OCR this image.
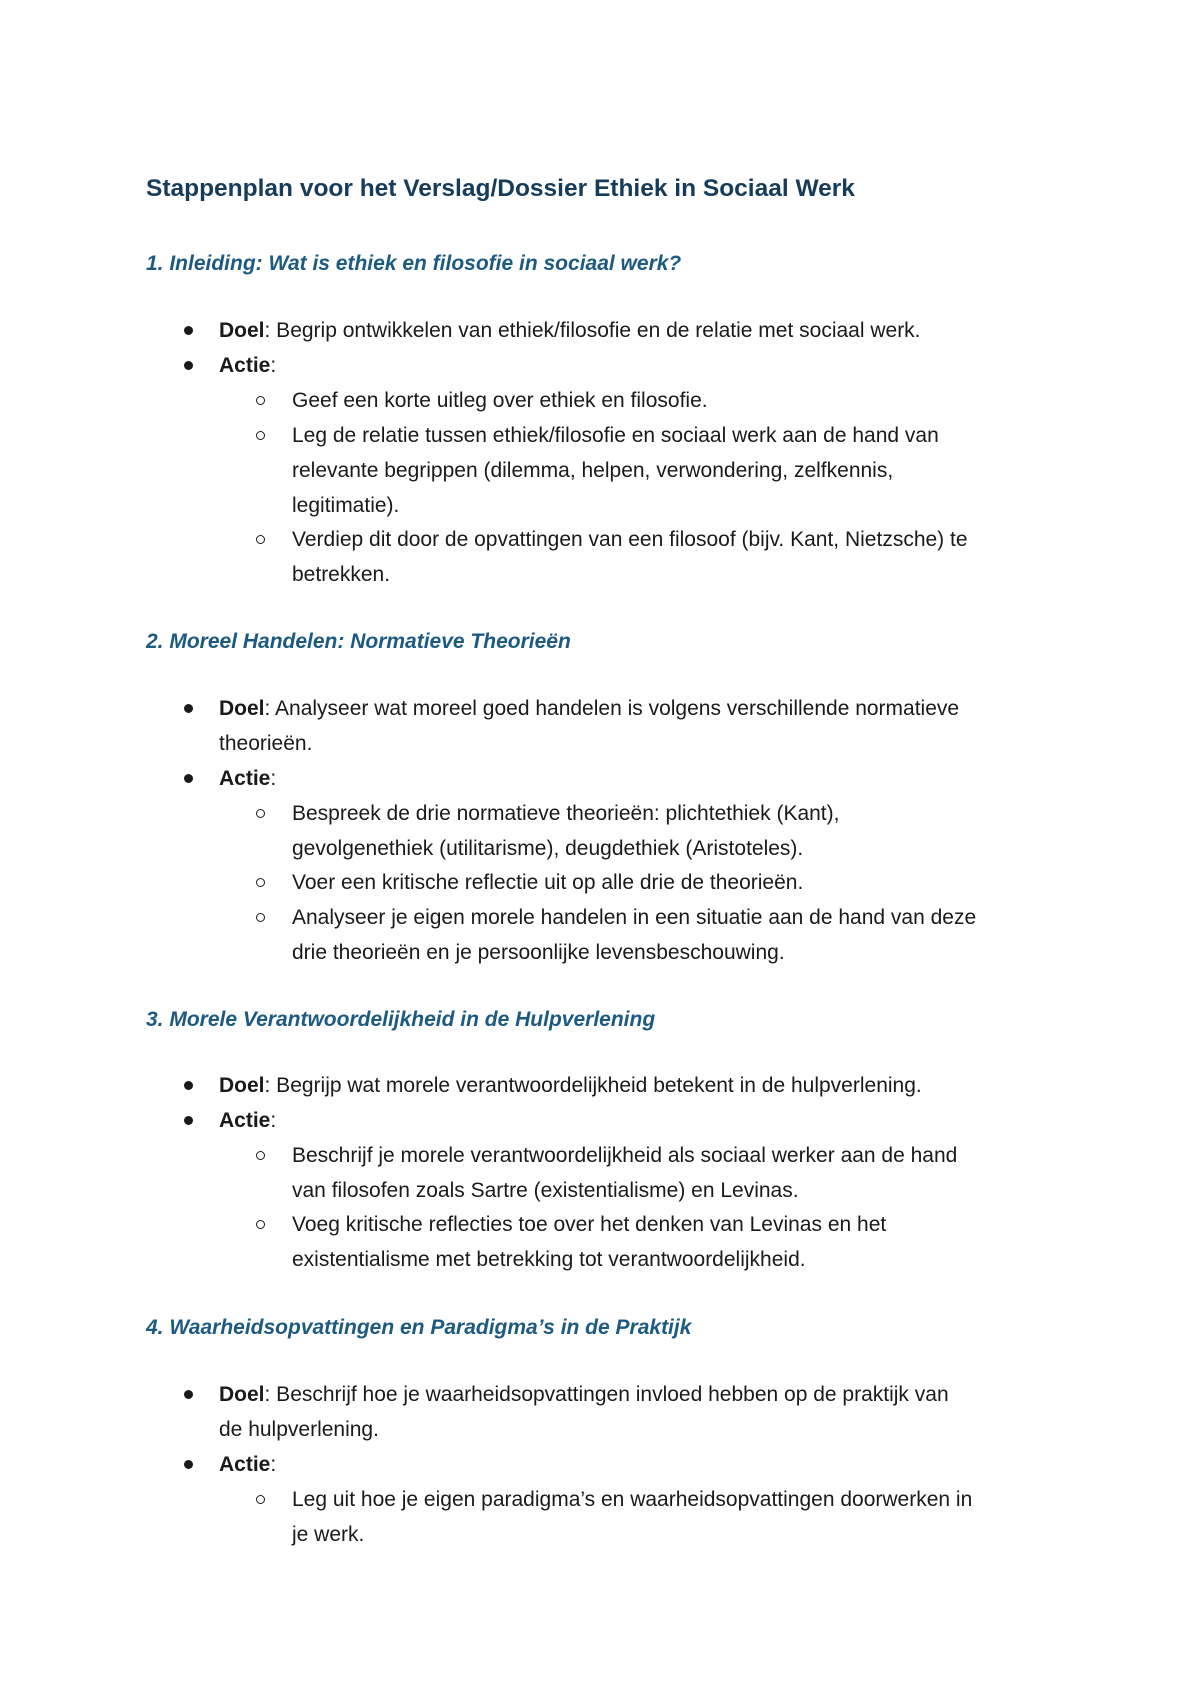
Stappenplan voor het Verslag/Dossier Ethiek in Sociaal Werk
1. Inleiding: Wat is ethiek en filosofie in sociaal werk?
Doel: Begrip ontwikkelen van ethiek/filosofie en de relatie met sociaal werk.
Actie:
Geef een korte uitleg over ethiek en filosofie.
Leg de relatie tussen ethiek/filosofie en sociaal werk aan de hand van
relevante begrippen (dilemma, helpen, verwondering, zelfkennis,
legitimatie).
Verdiep dit door de opvattingen van een filosoof (bijv. Kant, Nietzsche) te
betrekken.
2. Moreel Handelen: Normatieve Theorieën
Doel: Analyseer wat moreel goed handelen is volgens verschillende normatieve
theorieën.
Actie:
Bespreek de drie normatieve theorieën: plichtethiek (Kant),
gevolgenethiek (utilitarisme), deugdethiek (Aristoteles).
Voer een kritische reflectie uit op alle drie de theorieën.
Analyseer je eigen morele handelen in een situatie aan de hand van deze
drie theorieën en je persoonlijke levensbeschouwing.
3. Morele Verantwoordelijkheid in de Hulpverlening
Doel: Begrijp wat morele verantwoordelijkheid betekent in de hulpverlening.
Actie:
Beschrijf je morele verantwoordelijkheid als sociaal werker aan de hand
van filosofen zoals Sartre (existentialisme) en Levinas.
Voeg kritische reflecties toe over het denken van Levinas en het
existentialisme met betrekking tot verantwoordelijkheid.
4. Waarheidsopvattingen en Paradigma’s in de Praktijk
Doel: Beschrijf hoe je waarheidsopvattingen invloed hebben op de praktijk van
de hulpverlening.
Actie:
Leg uit hoe je eigen paradigma’s en waarheidsopvattingen doorwerken in
je werk.
